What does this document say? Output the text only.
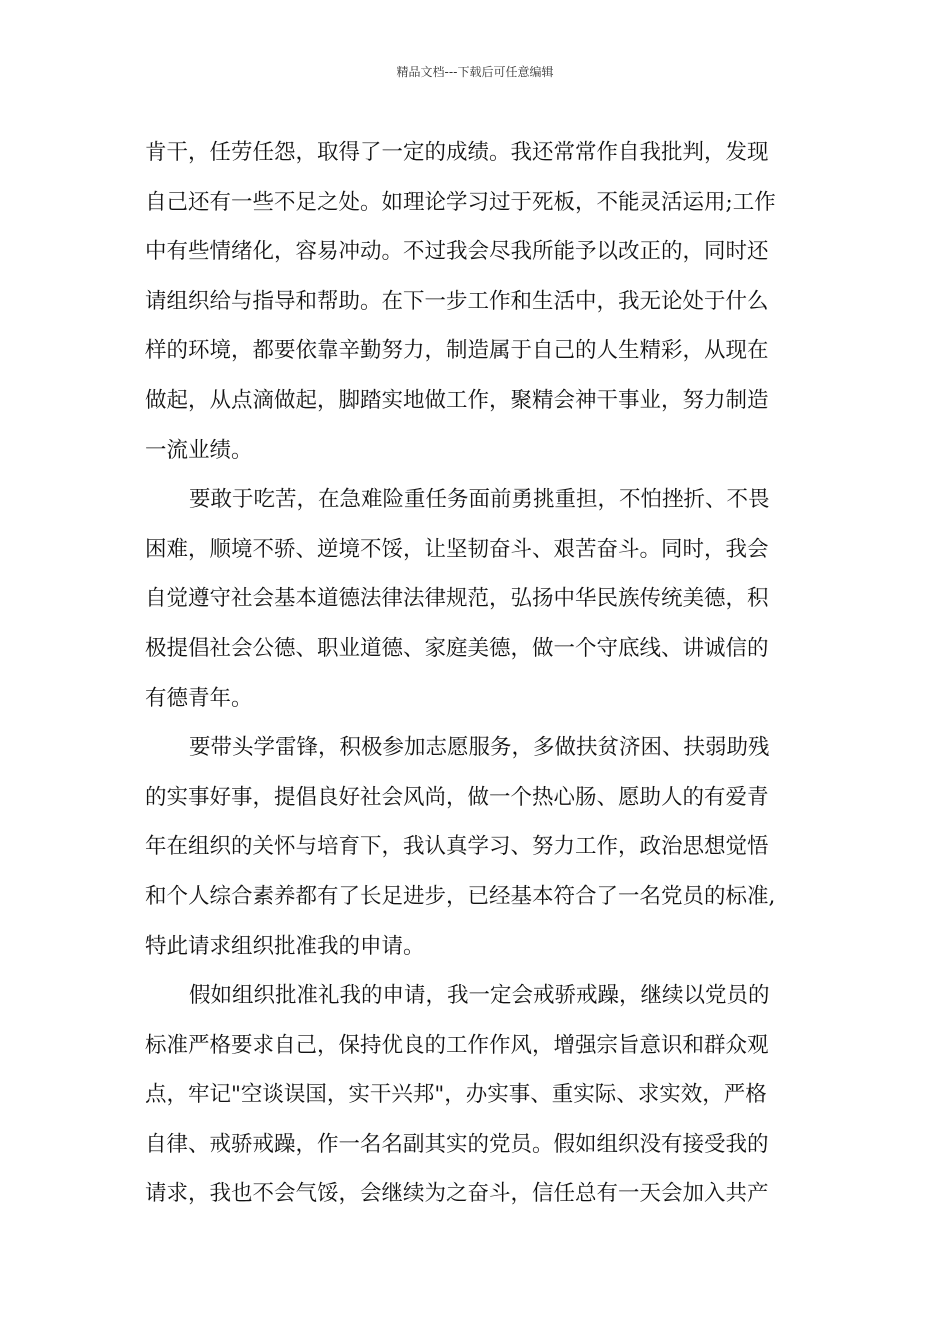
精品文档---下载后可任意编辑
肯干，任劳任怨，取得了一定的成绩。我还常常作自我批判，发现
自己还有一些不足之处。如理论学习过于死板，不能灵活运用;工作
中有些情绪化，容易冲动。不过我会尽我所能予以改正的，同时还
请组织给与指导和帮助。在下一步工作和生活中，我无论处于什么
样的环境，都要依靠辛勤努力，制造属于自己的人生精彩，从现在
做起，从点滴做起，脚踏实地做工作，聚精会神干事业，努力制造
一流业绩。
要敢于吃苦，在急难险重任务面前勇挑重担，不怕挫折、不畏
困难，顺境不骄、逆境不馁，让坚韧奋斗、艰苦奋斗。同时，我会
自觉遵守社会基本道德法律法律规范，弘扬中华民族传统美德，积
极提倡社会公德、职业道德、家庭美德，做一个守底线、讲诚信的
有德青年。
要带头学雷锋，积极参加志愿服务，多做扶贫济困、扶弱助残
的实事好事，提倡良好社会风尚，做一个热心肠、愿助人的有爱青
年在组织的关怀与培育下，我认真学习、努力工作，政治思想觉悟
和个人综合素养都有了长足进步，已经基本符合了一名党员的标准,
特此请求组织批准我的申请。
假如组织批准礼我的申请，我一定会戒骄戒躁，继续以党员的
标准严格要求自己，保持优良的工作作风，增强宗旨意识和群众观
点，牢记"空谈误国，实干兴邦"，办实事、重实际、求实效，严格
自律、戒骄戒躁，作一名名副其实的党员。假如组织没有接受我的
请求，我也不会气馁，会继续为之奋斗，信任总有一天会加入共产
